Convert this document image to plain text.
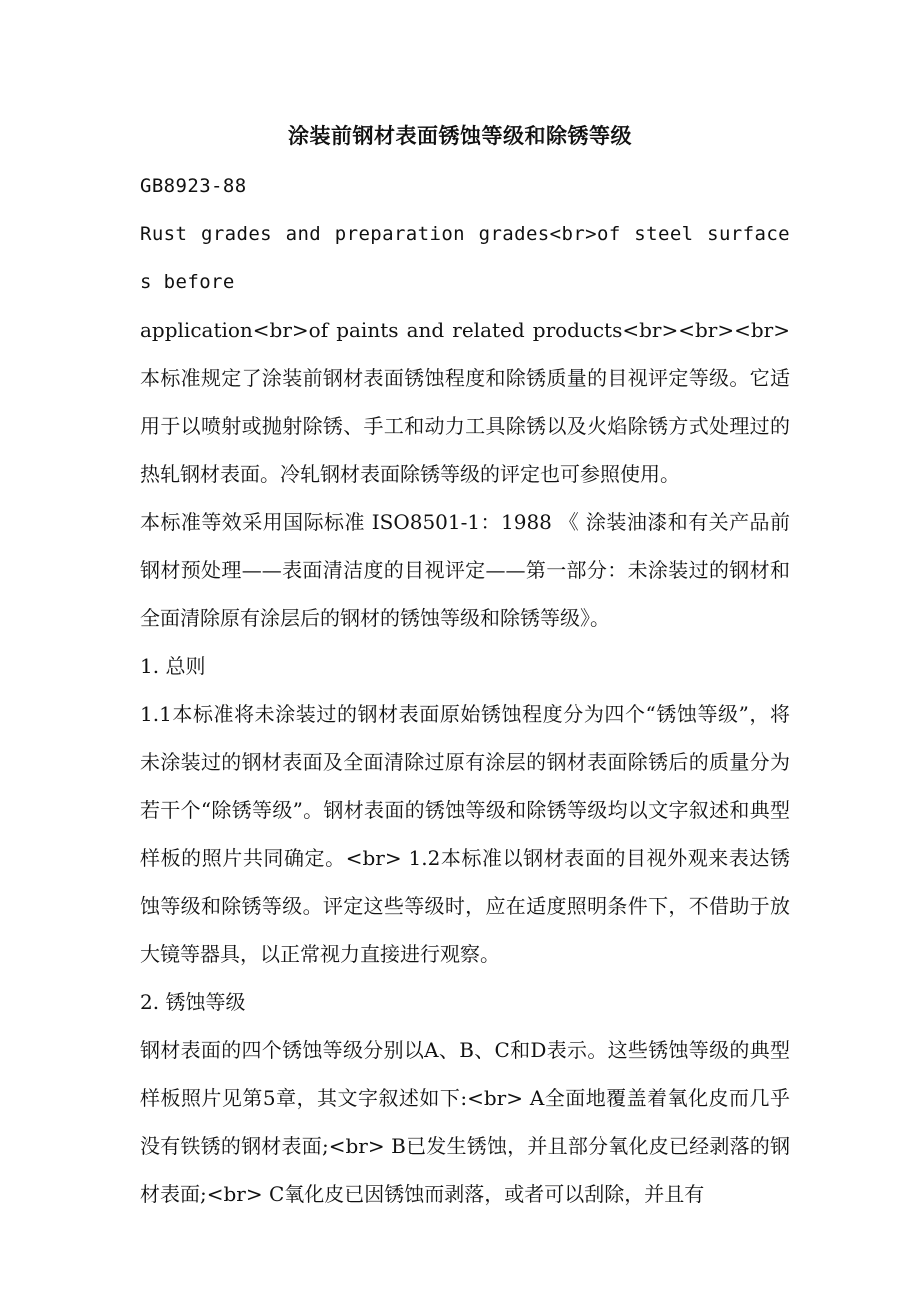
涂装前钢材表面锈蚀等级和除锈等级

GB8923-88

Rust grades and preparation grades<br>of steel surfaces before

application<br>of paints and related products<br><br><br> 本标准规定了涂装前钢材表面锈蚀程度和除锈质量的目视评定等级。它适用于以喷射或抛射除锈、手工和动力工具除锈以及火焰除锈方式处理过的热轧钢材表面。冷轧钢材表面除锈等级的评定也可参照使用。

本标准等效采用国际标准 ISO8501-1：1988 《 涂装油漆和有关产品前钢材预处理——表面清洁度的目视评定——第一部分：未涂装过的钢材和全面清除原有涂层后的钢材的锈蚀等级和除锈等级》。

1. 总则

1.1本标准将未涂装过的钢材表面原始锈蚀程度分为四个“锈蚀等级”，将未涂装过的钢材表面及全面清除过原有涂层的钢材表面除锈后的质量分为若干个“除锈等级”。钢材表面的锈蚀等级和除锈等级均以文字叙述和典型样板的照片共同确定。<br> 1.2本标准以钢材表面的目视外观来表达锈蚀等级和除锈等级。评定这些等级时，应在适度照明条件下，不借助于放大镜等器具，以正常视力直接进行观察。

2. 锈蚀等级

钢材表面的四个锈蚀等级分别以A、B、C和D表示。这些锈蚀等级的典型样板照片见第5章，其文字叙述如下:<br> A全面地覆盖着氧化皮而几乎没有铁锈的钢材表面;<br> B已发生锈蚀，并且部分氧化皮已经剥落的钢材表面;<br> C氧化皮已因锈蚀而剥落，或者可以刮除，并且有
